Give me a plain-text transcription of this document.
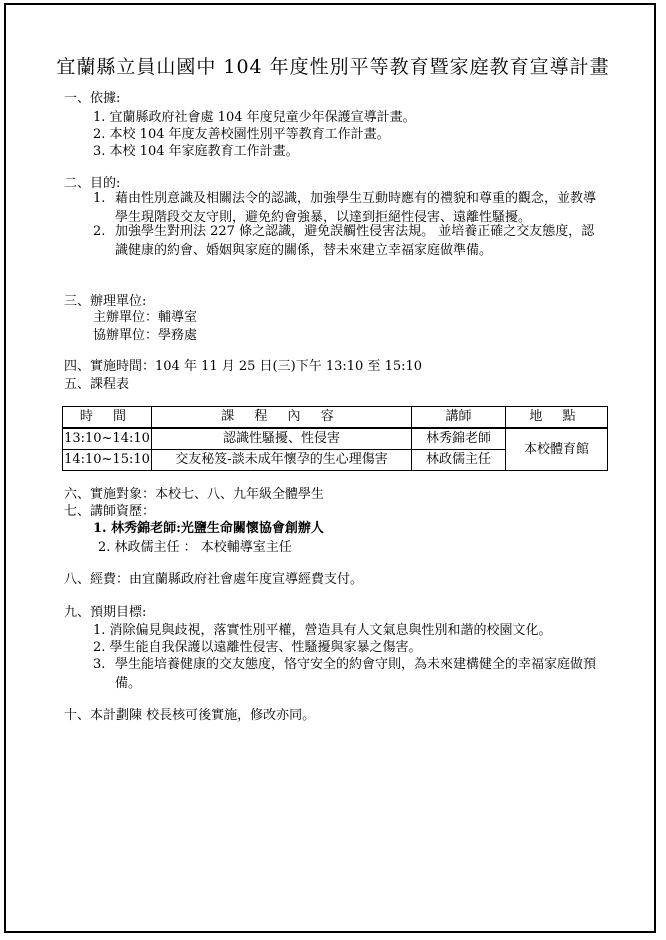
宜蘭縣立員山國中 104 年度性別平等教育暨家庭教育宣導計畫
一、依據:
1. 宜蘭縣政府社會處 104 年度兒童少年保護宣導計畫。
2. 本校 104 年度友善校園性別平等教育工作計畫。
3. 本校 104 年家庭教育工作計畫。
二、目的:
1. 藉由性別意識及相關法令的認識，加強學生互動時應有的禮貌和尊重的觀念，並教導學生現階段交友守則，避免約會強暴，以達到拒絕性侵害、遠離性騷擾。
2. 加強學生對刑法 227 條之認識，避免誤觸性侵害法規。 並培養正確之交友態度，認識健康的約會、婚姻與家庭的關係，替未來建立幸福家庭做準備。
三、辦理單位:
主辦單位：輔導室
協辦單位：學務處
四、實施時間：104 年 11 月 25 日(三)下午 13:10 至 15:10
五、課程表
時 間	課 程 內 容	講師	地 點
13:10~14:10	認識性騷擾、性侵害	林秀錦老師	本校體育館
14:10~15:10	交友秘笈-談未成年懷孕的生心理傷害	林政儒主任	
六、實施對象：本校七、八、九年級全體學生
七、講師資歷：
1. 林秀錦老師:光鹽生命關懷協會創辦人
2. 林政儒主任 ： 本校輔導室主任
八、經費：由宜蘭縣政府社會處年度宣導經費支付。
九、預期目標:
1. 消除偏見與歧視，落實性別平權，營造具有人文氣息與性別和諧的校園文化。
2. 學生能自我保護以遠離性侵害、性騷擾與家暴之傷害。
3. 學生能培養健康的交友態度，恪守安全的約會守則，為未來建構健全的幸福家庭做預備。
十、本計劃陳 校長核可後實施，修改亦同。
